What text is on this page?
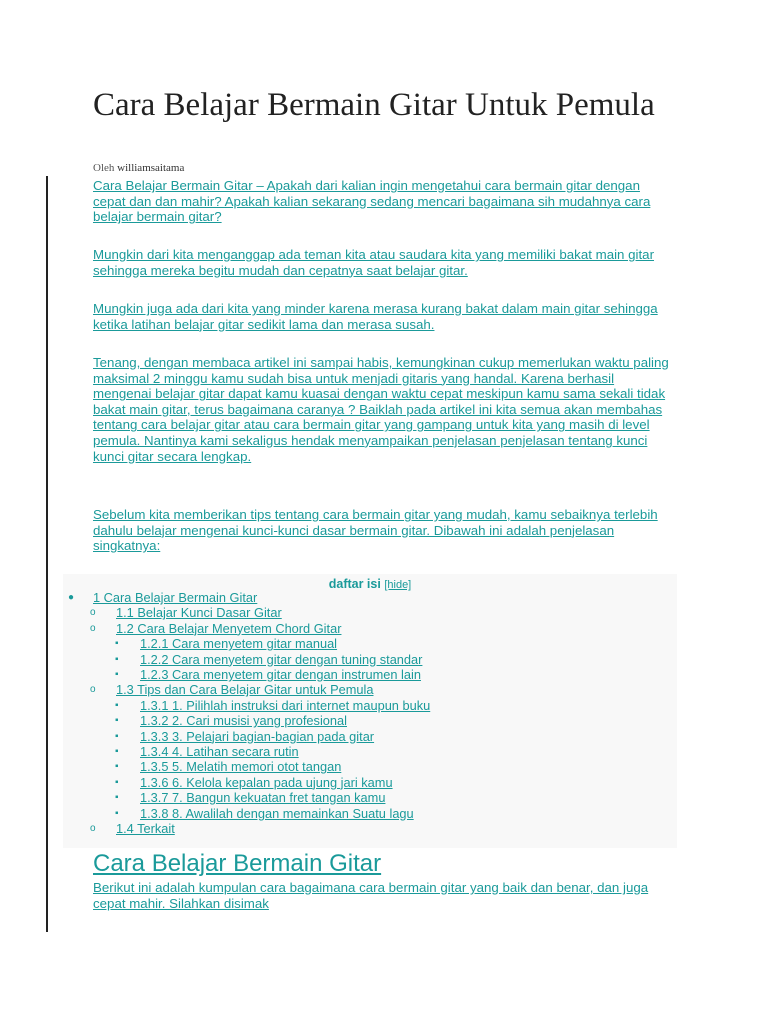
Cara Belajar Bermain Gitar Untuk Pemula
Oleh williamsaitama

Cara Belajar Bermain Gitar – Apakah dari kalian ingin mengetahui cara bermain gitar dengan cepat dan dan mahir? Apakah kalian sekarang sedang mencari bagaimana sih mudahnya cara belajar bermain gitar?

Mungkin dari kita menganggap ada teman kita atau saudara kita yang memiliki bakat main gitar sehingga mereka begitu mudah dan cepatnya saat belajar gitar.

Mungkin juga ada dari kita yang minder karena merasa kurang bakat dalam main gitar sehingga ketika latihan belajar gitar sedikit lama dan merasa susah.

Tenang, dengan membaca artikel ini sampai habis, kemungkinan cukup memerlukan waktu paling maksimal 2 minggu kamu sudah bisa untuk menjadi gitaris yang handal. Karena berhasil mengenai belajar gitar dapat kamu kuasai dengan waktu cepat meskipun kamu sama sekali tidak bakat main gitar, terus bagaimana caranya ? Baiklah pada artikel ini kita semua akan membahas tentang cara belajar gitar atau cara bermain gitar yang gampang untuk kita yang masih di level pemula. Nantinya kami sekaligus hendak menyampaikan penjelasan penjelasan tentang kunci kunci gitar secara lengkap.

Sebelum kita memberikan tips tentang cara bermain gitar yang mudah, kamu sebaiknya terlebih dahulu belajar mengenai kunci-kunci dasar bermain gitar. Dibawah ini adalah penjelasan singkatnya:

daftar isi [hide]
● 1 Cara Belajar Bermain Gitar
o 1.1 Belajar Kunci Dasar Gitar
o 1.2 Cara Belajar Menyetem Chord Gitar
▪ 1.2.1 Cara menyetem gitar manual
▪ 1.2.2 Cara menyetem gitar dengan tuning standar
▪ 1.2.3 Cara menyetem gitar dengan instrumen lain
o 1.3 Tips dan Cara Belajar Gitar untuk Pemula
▪ 1.3.1 1. Pilihlah instruksi dari internet maupun buku
▪ 1.3.2 2. Cari musisi yang profesional
▪ 1.3.3 3. Pelajari bagian-bagian pada gitar
▪ 1.3.4 4. Latihan secara rutin
▪ 1.3.5 5. Melatih memori otot tangan
▪ 1.3.6 6. Kelola kepalan pada ujung jari kamu
▪ 1.3.7 7. Bangun kekuatan fret tangan kamu
▪ 1.3.8 8. Awalilah dengan memainkan Suatu lagu
o 1.4 Terkait
Cara Belajar Bermain Gitar

Berikut ini adalah kumpulan cara bagaimana cara bermain gitar yang baik dan benar, dan juga cepat mahir. Silahkan disimak
